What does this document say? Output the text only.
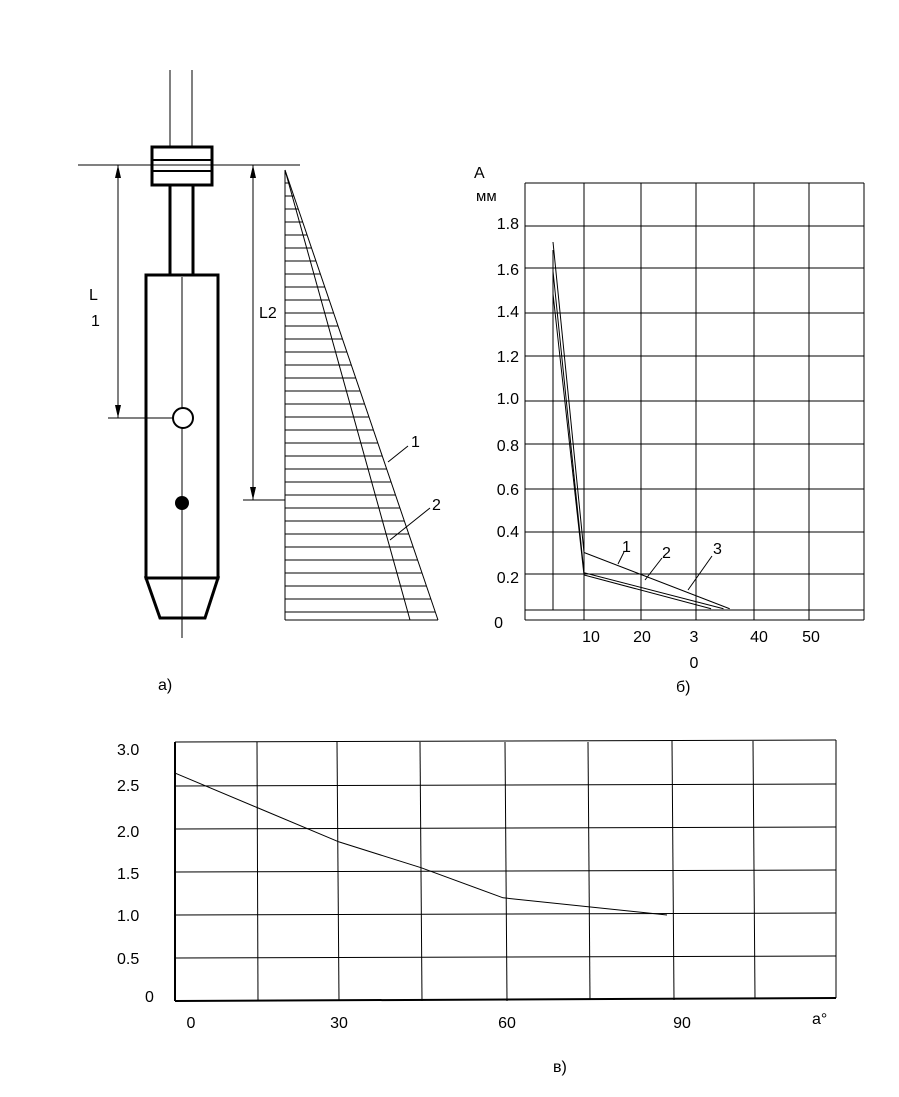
L
1	L2
1
2
a)
A
мм
1.8
1.6
1.4
1.2
1.0
0.8
0.6
0.4
0.2
0
10 20 3
0
40 50
1 2	3
б)
3.0
2.5
2.0
1.5
1.0
0.5
0
0	30	60	90	a°
в)
